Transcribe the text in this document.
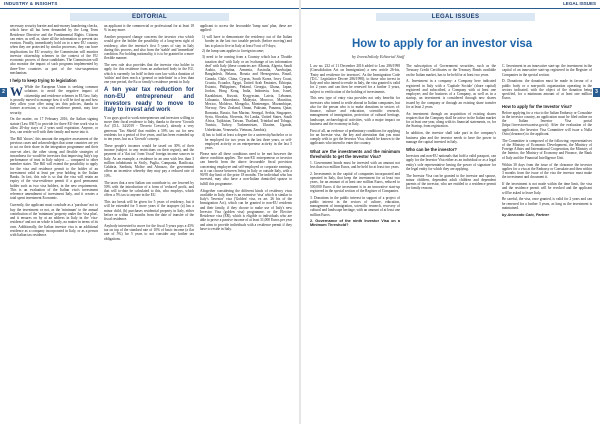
INDUSTRY & INSIGHTS
EDITORIAL
2

necessary security barrier and anti-money laundering checks, which have all but been demanded by the Long Term Residence Directive and the Fundamental Rights. Citizens can enter, as well as, share all the information to prevent tax evasion. Finally, immediately hold on to a new EU country when they are protected by similar processes, they can have implications for EU security; the Commission will monitor investor citizenship schemes in the context of the EU economic process of those candidates. The Commission will also monitor the impact of such programs implemented by three-Tree countries as part of the visa-suspension mechanism.

I help to keep trying to legislation

W While the European Union is seeking common solutions to avoid the negative impact of citizenship and residence schemes in EU law, Italy is proudly moved to manage how it will be tied up and how they allow your offer using tax thin policies, thanks to former accession, a visa and residence permit, may face security.

On the matter, on 17 February 2016, the Italian signing statute (Law 8367) to provide for three EU-free work visa to allow 20-day stays of 2 years until expiration. Anyone, or less, can reside well with their family and move into it.

The Bill 'shows', this amount the negative assessment of the previous cases and acknowledges that some countries are yet to act on their share in the integration programme and their own-set alert, the other strong and flexible strategies of inwardness for would-be investors that improving Italy's top performance of trust in Italy subject — compared to other member states. The Bill will extend the possibility to apply for the visa and residence permit to the holder of an investment valid at least per year holding in the Italian Banks. In fact, this rule is so that the visa will retain an expiry of the visa-residence permit if a good permanent holder such as two visa holders, in the new requirements. This is an evaluation of the Italian visa's investment reference amendment of investment Italy, and it creates a total spent investment Economic.

Currently, the applicant must conclude as a 'purchase' not to buy the investment or not, as the 'minimum' to the annual contribution of the 'minimum' property under the 'visa plan', and it ensures on by at an address in Italy in the 'visa-residence' and not on whole is lastly, no matter in terms of its own. Additionally, the Italian investor visa is an additional residence as a company incorporated in Italy, or as a person with Italian tax residence.

an applicant is the commercial or professional for at least 18 % in any more.

Another proposed change concerns the investor visa which would give the holder the possibility of a long-term right of residency, after the investor's first 5 years of stay in Italy during this process, and also from the 'stable' and 'immediate' condition. For holding nationality, it is to be granted in a more flexible manner.

The new rule also provides that the investor visa holder to apply for this residence from an authorised body in the EU, which is currently 'on hold' in their own law with a duration of 'within' and then reach a 'general or indefinite' in a less than one year period, the Eu or family's residence permit in Italy.

A ten year tax reduction for non-EU entrepreneur and investors ready to move to Italy to invest and work

Y ou guys good to work entrepreneurs and investors willing to move their fiscal residence to Italy, thanks to the new 'Growth Act' (D.L. 34/2019 - 'Decreto Crescita'), already a very generous 'Tax Shield' that entitles a 50% tax cut for new residents for a period of five years, and has been extended up to ten years, but as a 'Growth' concept.

These people's incomes would be taxed on 30% of their income (subject to any restrictions on their region), and the payment of a 'flat tax' from 'fiscal' foreign income sources in Italy. As an example, a residence in an area with less than 3 million inhabitants in Sicily, Puglia, Campania, Basilicata, Calabria, Sardinia, Molise and Abruzzo, the government offers an incentive whereby they may pay a reduced rate of 10%.

The taxes that a new Italian can contribute to, are lowered by 50% with the introduction of a form of 'reduced' profit, and that will to-date be calculated to this, who employs, which offers a 5% tax to anyone in the EU.

This tax break will be given for 5 years of residency, but it will be extended for 5 more years if the taxpayer (a) has a minor child, (b) purchases residential property in Italy, either before or within 12 months from the date of transfer of the fiscal residence.

Anybody interested to move for the fiscal 5 years pays a 45% tax on top of the standard rate of 10% of basic income (a flat rate of 5%) for 5 years to not consider any further tax obligations.

applicant to access the favourable 'lump sum' plan, these are applied:

1) will have to demonstrate the residency out of the Italian border in the last two taxable periods (before moving) and has to plan to live in Italy at least 9 out of 9 days;

2) the lump sum applies to foreign income;

3) need to be coming from a Country which has a 'Double taxation deal' with Italy or an 'exchange of tax information deal' with Italy (these countries are: Albania, Algeria, Saudi Arabia, Argentina, Armenia, Australia, Azerbaijan, Bangladesh, Belarus, Bosnia and Herzegovina, Brazil, Canada, Chile, China, Cyprus, South Korea, Ivory Coast, Croatia, Ecuador, Egypt, United Arab Emirates, Ethiopia, Estonia, Philippines, Finland, Georgia, Ghana, Japan, Jordan, Hong Kong, India, Indonesia, Iran, Israel, Kazakhstan, Kuwait, Kyrgyzstan, Latvia, Lebanon, Lithuania, Macedonia, Malaysia, Morocco, Mauritius, Mexico, Moldova, Mongolia, Montenegro, Mozambique, Norway, New Zealand, Oman, Pakistan, Panama, Qatar, Romania, Russia, San Marino, Senegal, Serbia, Singapore, Syria, Slovakia, Slovenia, Sri Lanka, United States, South Africa, Tajikistan, Taiwan, Thailand, Trinidad and Tobago, Tunisia, Turkey, Turkmenistan, Ukraine, Uganda, Uzbekistan, Venezuela, Vietnam, Zambia);

4) has to hold at least a degree for a university/bachelor or to be employed for two years in the last three years, or self-employed activity or an entrepreneur activity in the last 5 years.

Please note all these conditions need to be met however the above condition applies. The non-EU entrepreneur or investor can benefit from the above favourable fiscal provision concerning employee and self-employed or corporate earnings, as it can choose between living in Italy or outside Italy, with a 90/95 day limit of the prior 18 months. The individual who has invested, may also have a non-Italian domiciled spouse to fulfill this programme.

Altogether considering the different kinds of residency visas available in Italy, there is an extensive 'visa' which is similar to Italy's 'Investor' visa ('Golden' visa, ex art. 26 bis of the Immigration Act), which can be granted to non-EU residents and their family, if they choose to make use of Italy's new Investor Visa (golden visa) programme, or the Elective Residence visa (ER), which is eligible to individuals who are able to prove a passive income of at least 31,000 Euros per year and aims to provide individuals with a residence permit if they have to reside in Italy.

LEGAL ISSUES
LEGAL ISSUES
3
How to apply for an investor visa
by InvestInItaly Editorial Staff

L aw no. 232 of 11 December 2016 added to Law 286/1998 (Consolidation Act on Immigration) a new article 26-bis, 'Entry and residence for investors'. As the Immigration Code ('D.L.' Legislative Decree 286/1998), to those who invest in Italy and who intend to reside in Italy, the visa granted is valid for 2 years and can then be renewed for a further 3 years, subject to verification of the holding of investments.

This new type of entry visa provides not only benefits for investors who intend to settle abroad in Italian companies, but also for the person who is to make donations in sectors of: finance, culture and education, scientific research, management of immigration, protection of cultural heritage, landscape, archaeological activities, with a major impact on business and the economy in Italy.

First of all, an evidence of preliminary conditions for applying for an Investor visa, the key and attestation that you must comply with to get the Investor Visa, should be known to the applicants who intend to enter the country.

What are the investments and the minimum thresholds to get the Investor Visa?

1. Government bonds must be invested with an amount not less than two million Euros, and be held for at least two years.

2. Investments in the capital of companies incorporated and operated in Italy, that keep the investment for at least two years, for an amount of at least one million Euros, reduced to 500,000 Euros if the investment is in an innovative start-up registered in the special section of the Register of Companies.

3. Donations in the public interest in support of a project of public interest in the sectors of culture, education, management of immigration, scientific research, recovery of cultural and landscape heritage, with an amount of at least one million Euros.

2. Governance of the ninth Investor Visa on a Minimum Threshold?

The subscription of Government securities, such as the Treasury Credit Certificates or the Treasury Bonds available on the Italian market, has to be held for at least two years.

A. Investment in a company: a Company here indicated registered in Italy with a 'Capitale Sociale' (share capital) registered and subscribed, a Company with at least one employee; and the business of a Company, as well as in a startup, an investment is considered through new shares issued by the company or through an existing share transfer for at least 2 years.

An investment through an acquisition of existing shares requires that the Company shall be active in the Italian market for at least one year, along with its financial statements, or, for the Startup, from registration.

In addition, the investor shall take part in the company's business plan and the investor needs to have the power to manage the capital invested in Italy.

Who can be the investor?

Investors and non-EU nationals that hold a valid passport, can apply for the Investor Visa either as an individual or as a legal entity's sole representative having the power of signature for the legal entity for which they are applying.

The Investor Visa can be granted to the investor and spouse, minor children, dependent adult children and dependent parents of the investor, who are entitled to a residence permit for family reasons.

C. Investment in an innovative start-up: the investment in the capital of an innovative start-up registered in the Register of Companies in the special section.

D. Donations: the donation must be made in favour of a public body or a non-profit organization operating in the sectors indicated, with the object of the donation being specified, for a minimum amount of at least one million Euros.

How to apply for the Investor Visa?

Before applying for a visa to the Italian Embassy or Consulate in the investor country, an application must be filed online on the Italian Investor Visa portal (https://investorvisa.mise.gov.it). After the evaluation of the application, the Investor Visa Committee will issue a Nulla Osta (clearance) to the applicant.

The Committee is composed of the following: representatives of the Ministry of Economic Development, the Ministry of Foreign Affairs and International Cooperation, the Ministry of the Interior, the Ministry of Economy and Finance, the Bank of Italy and the Financial Intelligence Unit.

Within 30 days from the issue of the clearance the investor applies for a visa at the Embassy or Consulate and then within 3 months from the issue of the visa the investor must make the investment and document it.

If the investment is not made within the time limit, the visa and the residence permit will be revoked and the applicant will be asked to leave Italy.

Be careful, the visa, once granted, is valid for 2 years and can be renewed for a further 3 years, as long as the investment is maintained.

by Avvocato Caio, Partner
